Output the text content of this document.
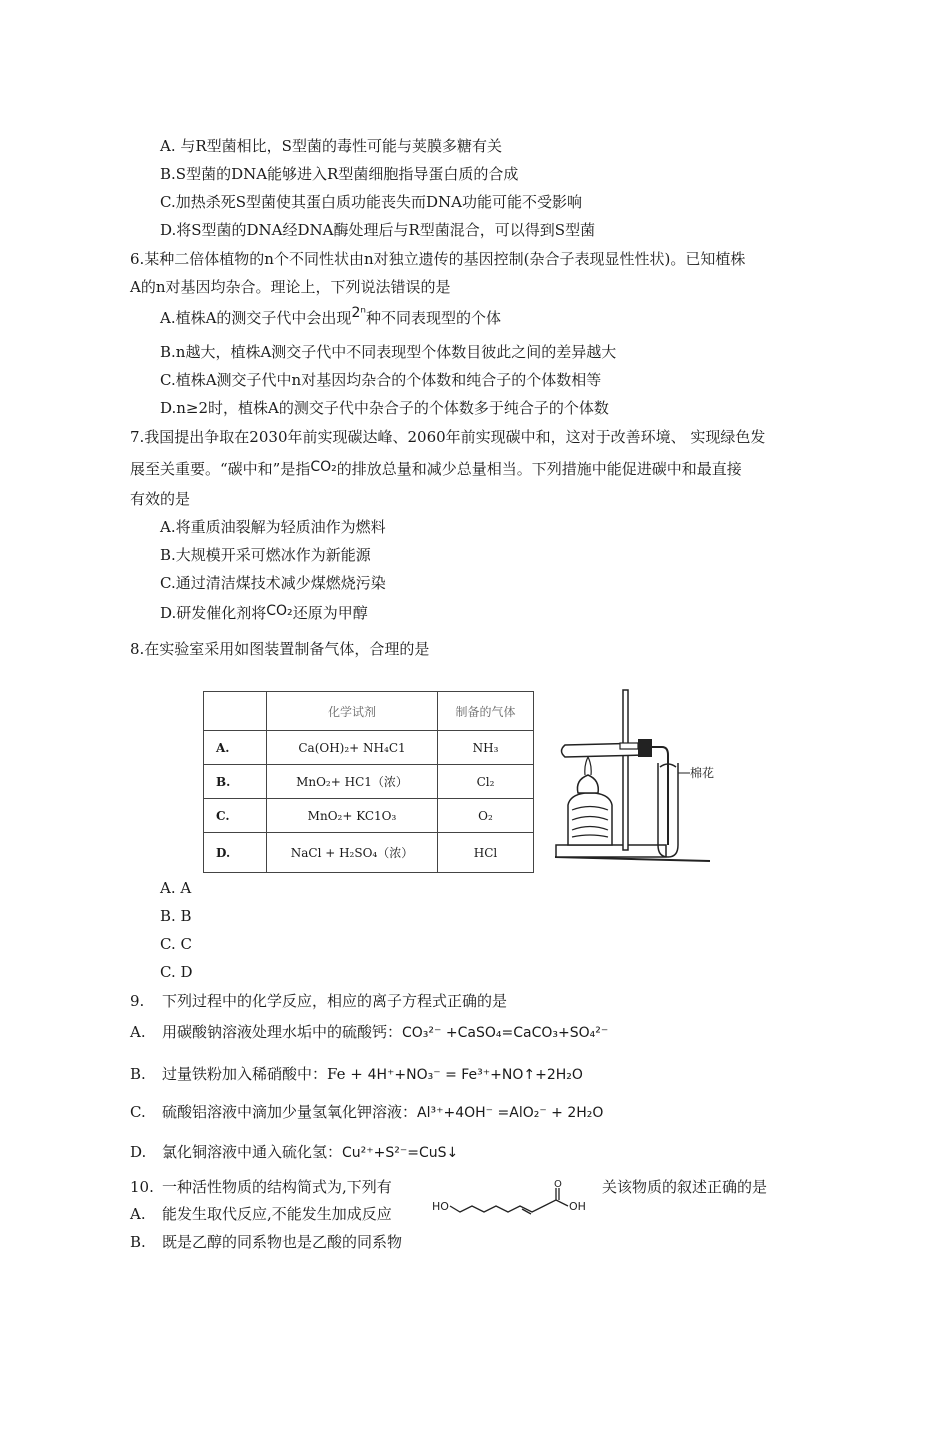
A. 与R型菌相比，S型菌的毒性可能与荚膜多糖有关
B.S型菌的DNA能够进入R型菌细胞指导蛋白质的合成
C.加热杀死S型菌使其蛋白质功能丧失而DNA功能可能不受影响
D.将S型菌的DNA经DNA酶处理后与R型菌混合，可以得到S型菌
6.某种二倍体植物的n个不同性状由n对独立遗传的基因控制(杂合子表现显性性状)。已知植株
A的n对基因均杂合。理论上，下列说法错误的是
A.植株A的测交子代中会出现2ⁿ种不同表现型的个体
B.n越大，植株A测交子代中不同表现型个体数目彼此之间的差异越大
C.植株A测交子代中n对基因均杂合的个体数和纯合子的个体数相等
D.n≥2时，植株A的测交子代中杂合子的个体数多于纯合子的个体数
7.我国提出争取在2030年前实现碳达峰、2060年前实现碳中和，这对于改善环境、 实现绿色发
展至关重要。“碳中和”是指CO₂的排放总量和减少总量相当。下列措施中能促进碳中和最直接
有效的是
A.将重质油裂解为轻质油作为燃料
B.大规模开采可燃冰作为新能源
C.通过清洁煤技术减少煤燃烧污染
D.研发催化剂将CO₂还原为甲醇
8.在实验室采用如图装置制备气体，合理的是
	化学试剂	制备的气体
A.	Ca(OH)₂+ NH₄C1	NH₃
B.	MnO₂+ HC1（浓）	Cl₂
C.	MnO₂+ KC1O₃	O₂
D.	NaCl + H₂SO₄（浓）	HCl
棉花
A. A
B. B
C. C
C. D
9. 下列过程中的化学反应，相应的离子方程式正确的是
A. 用碳酸钠溶液处理水垢中的硫酸钙：CO₃²⁻ +CaSO₄=CaCO₃+SO₄²⁻
B. 过量铁粉加入稀硝酸中：Fe + 4H⁺+NO₃⁻ = Fe³⁺+NO↑+2H₂O
C. 硫酸铝溶液中滴加少量氢氧化钾溶液：Al³⁺+4OH⁻ =AlO₂⁻ + 2H₂O
D. 氯化铜溶液中通入硫化氢：Cu²⁺+S²⁻=CuS↓
10. 一种活性物质的结构简式为,下列有	关该物质的叙述正确的是
HO
O
OH
A. 能发生取代反应,不能发生加成反应
B. 既是乙醇的同系物也是乙酸的同系物
